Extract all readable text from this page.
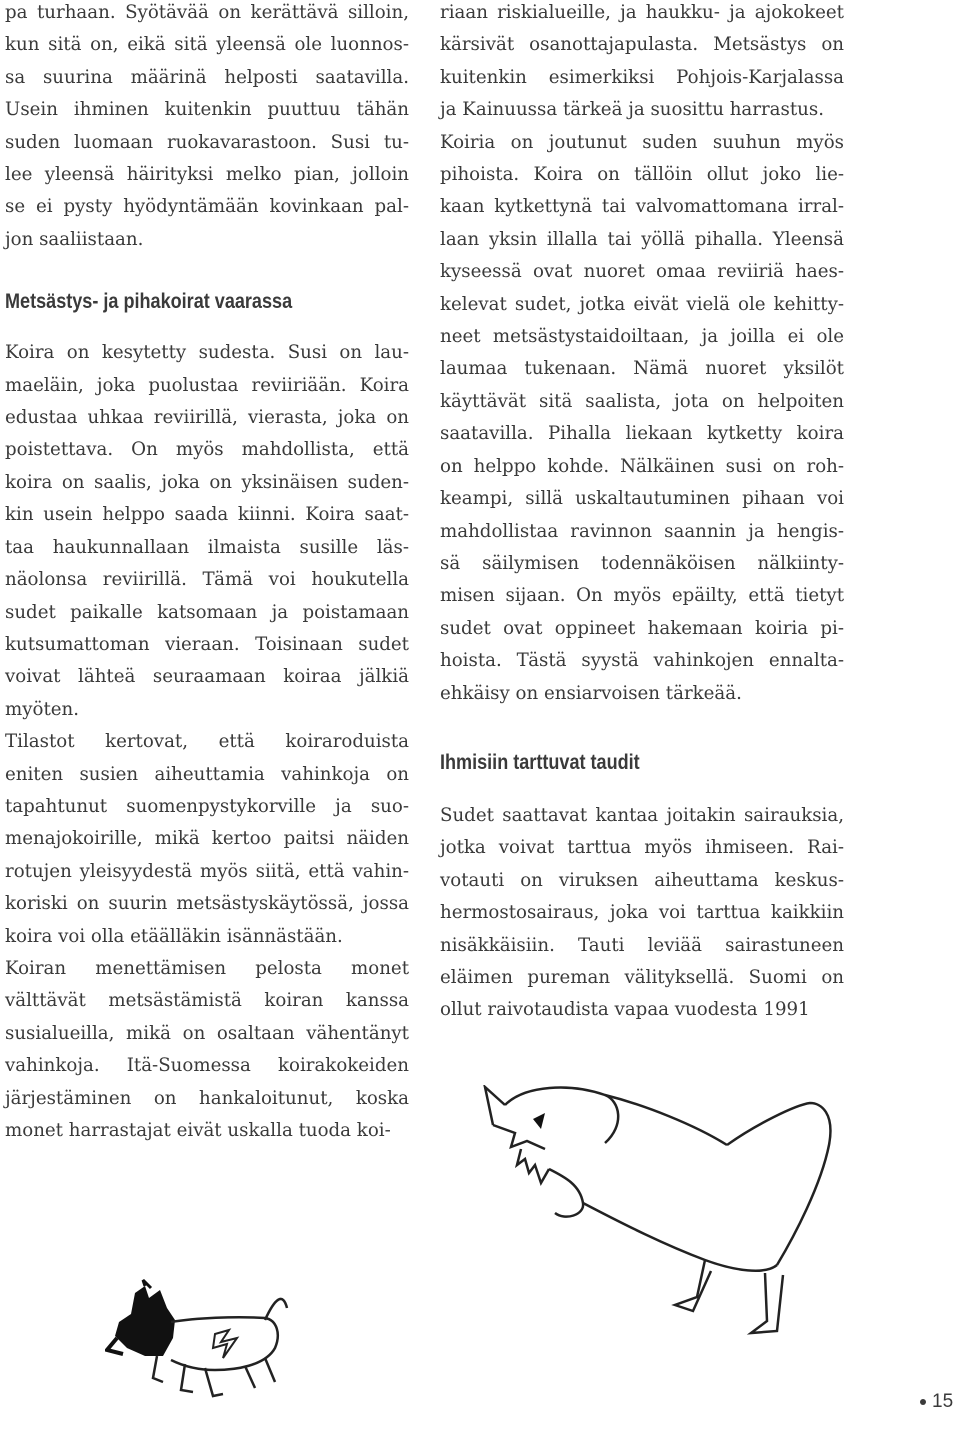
pa turhaan. Syötävää on kerättävä silloin,
kun sitä on, eikä sitä yleensä ole luonnos-
sa suurina määrinä helposti saatavilla.
Usein ihminen kuitenkin puuttuu tähän
suden luomaan ruokavarastoon. Susi tu-
lee yleensä häirityksi melko pian, jolloin
se ei pysty hyödyntämään kovinkaan pal-
jon saaliistaan.

Metsästys- ja pihakoirat vaarassa

Koira on kesytetty sudesta. Susi on lau-
maeläin, joka puolustaa reviiriään. Koira
edustaa uhkaa reviirillä, vierasta, joka on
poistettava. On myös mahdollista, että
koira on saalis, joka on yksinäisen suden-
kin usein helppo saada kiinni. Koira saat-
taa haukunnallaan ilmaista susille läs-
näolonsa reviirillä. Tämä voi houkutella
sudet paikalle katsomaan ja poistamaan
kutsumattoman vieraan. Toisinaan sudet
voivat lähteä seuraamaan koiraa jälkiä
myöten.

Tilastot kertovat, että koiraroduista
eniten susien aiheuttamia vahinkoja on
tapahtunut suomenpystykorville ja suo-
menajokoirille, mikä kertoo paitsi näiden
rotujen yleisyydestä myös siitä, että vahin-
koriski on suurin metsästyskäytössä, jossa
koira voi olla etäälläkin isännästään.

Koiran menettämisen pelosta monet
välttävät metsästämistä koiran kanssa
susialueilla, mikä on osaltaan vähentänyt
vahinkoja. Itä-Suomessa koirakokeiden
järjestäminen on hankaloitunut, koska
monet harrastajat eivät uskalla tuoda koi-

riaan riskialueille, ja haukku- ja ajokokeet
kärsivät osanottajapulasta. Metsästys on
kuitenkin esimerkiksi Pohjois-Karjalassa
ja Kainuussa tärkeä ja suosittu harrastus.

Koiria on joutunut suden suuhun myös
pihoista. Koira on tällöin ollut joko lie-
kaan kytkettynä tai valvomattomana irral-
laan yksin illalla tai yöllä pihalla. Yleensä
kyseessä ovat nuoret omaa reviiriä haes-
kelevat sudet, jotka eivät vielä ole kehitty-
neet metsästystaidoiltaan, ja joilla ei ole
laumaa tukenaan. Nämä nuoret yksilöt
käyttävät sitä saalista, jota on helpoiten
saatavilla. Pihalla liekaan kytketty koira
on helppo kohde. Nälkäinen susi on roh-
keampi, sillä uskaltautuminen pihaan voi
mahdollistaa ravinnon saannin ja hengis-
sä säilymisen todennäköisen nälkiinty-
misen sijaan. On myös epäilty, että tietyt
sudet ovat oppineet hakemaan koiria pi-
hoista. Tästä syystä vahinkojen ennalta-
ehkäisy on ensiarvoisen tärkeää.

Ihmisiin tarttuvat taudit

Sudet saattavat kantaa joitakin sairauksia,
jotka voivat tarttua myös ihmiseen. Rai-
votauti on viruksen aiheuttama keskus-
hermostosairaus, joka voi tarttua kaikkiin
nisäkkäisiin. Tauti leviää sairastuneen
eläimen pureman välityksellä. Suomi on
ollut raivotaudista vapaa vuodesta 1991

15
